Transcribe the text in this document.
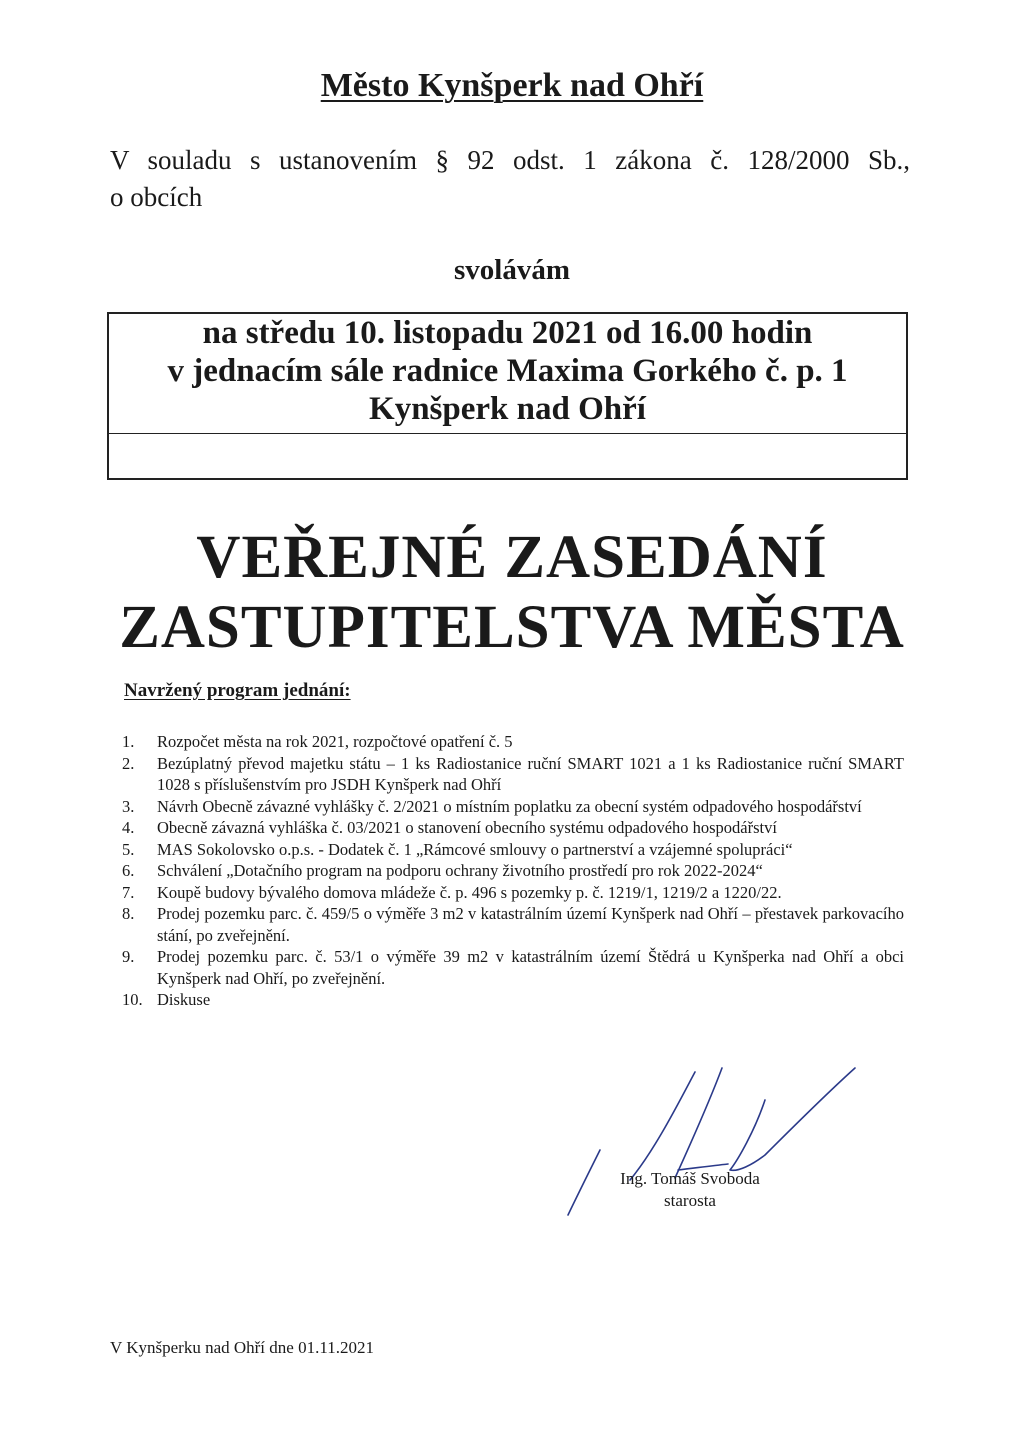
Město Kynšperk nad Ohří
V souladu s ustanovením § 92 odst. 1 zákona č. 128/2000 Sb.,
o obcích
svolávám
na středu 10. listopadu 2021 od 16.00 hodin
v jednacím sále radnice Maxima Gorkého č. p. 1
Kynšperk nad Ohří
VEŘEJNÉ ZASEDÁNÍ
ZASTUPITELSTVA MĚSTA
Navržený program jednání:
1.	Rozpočet města na rok 2021, rozpočtové opatření č. 5
2.	Bezúplatný převod majetku státu – 1 ks Radiostanice ruční SMART 1021 a 1 ks Radiostanice ruční SMART 1028 s příslušenstvím pro JSDH Kynšperk nad Ohří
3.	Návrh Obecně závazné vyhlášky č. 2/2021 o místním poplatku za obecní systém odpadového hospodářství
4.	Obecně závazná vyhláška č. 03/2021 o stanovení obecního systému odpadového hospodářství
5.	MAS Sokolovsko o.p.s. - Dodatek č. 1 „Rámcové smlouvy o partnerství a vzájemné spolupráci“
6.	Schválení „Dotačního program na podporu ochrany životního prostředí pro rok 2022-2024“
7.	Koupě budovy bývalého domova mládeže č. p. 496 s pozemky p. č. 1219/1, 1219/2 a 1220/22.
8.	Prodej pozemku parc. č. 459/5 o výměře 3 m2 v katastrálním území Kynšperk nad Ohří – přestavek parkovacího stání, po zveřejnění.
9.	Prodej pozemku parc. č. 53/1 o výměře 39 m2 v katastrálním území Štědrá u Kynšperka nad Ohří a obci Kynšperk nad Ohří, po zveřejnění.
10. Diskuse
Ing. Tomáš Svoboda
starosta
V Kynšperku nad Ohří dne 01.11.2021
